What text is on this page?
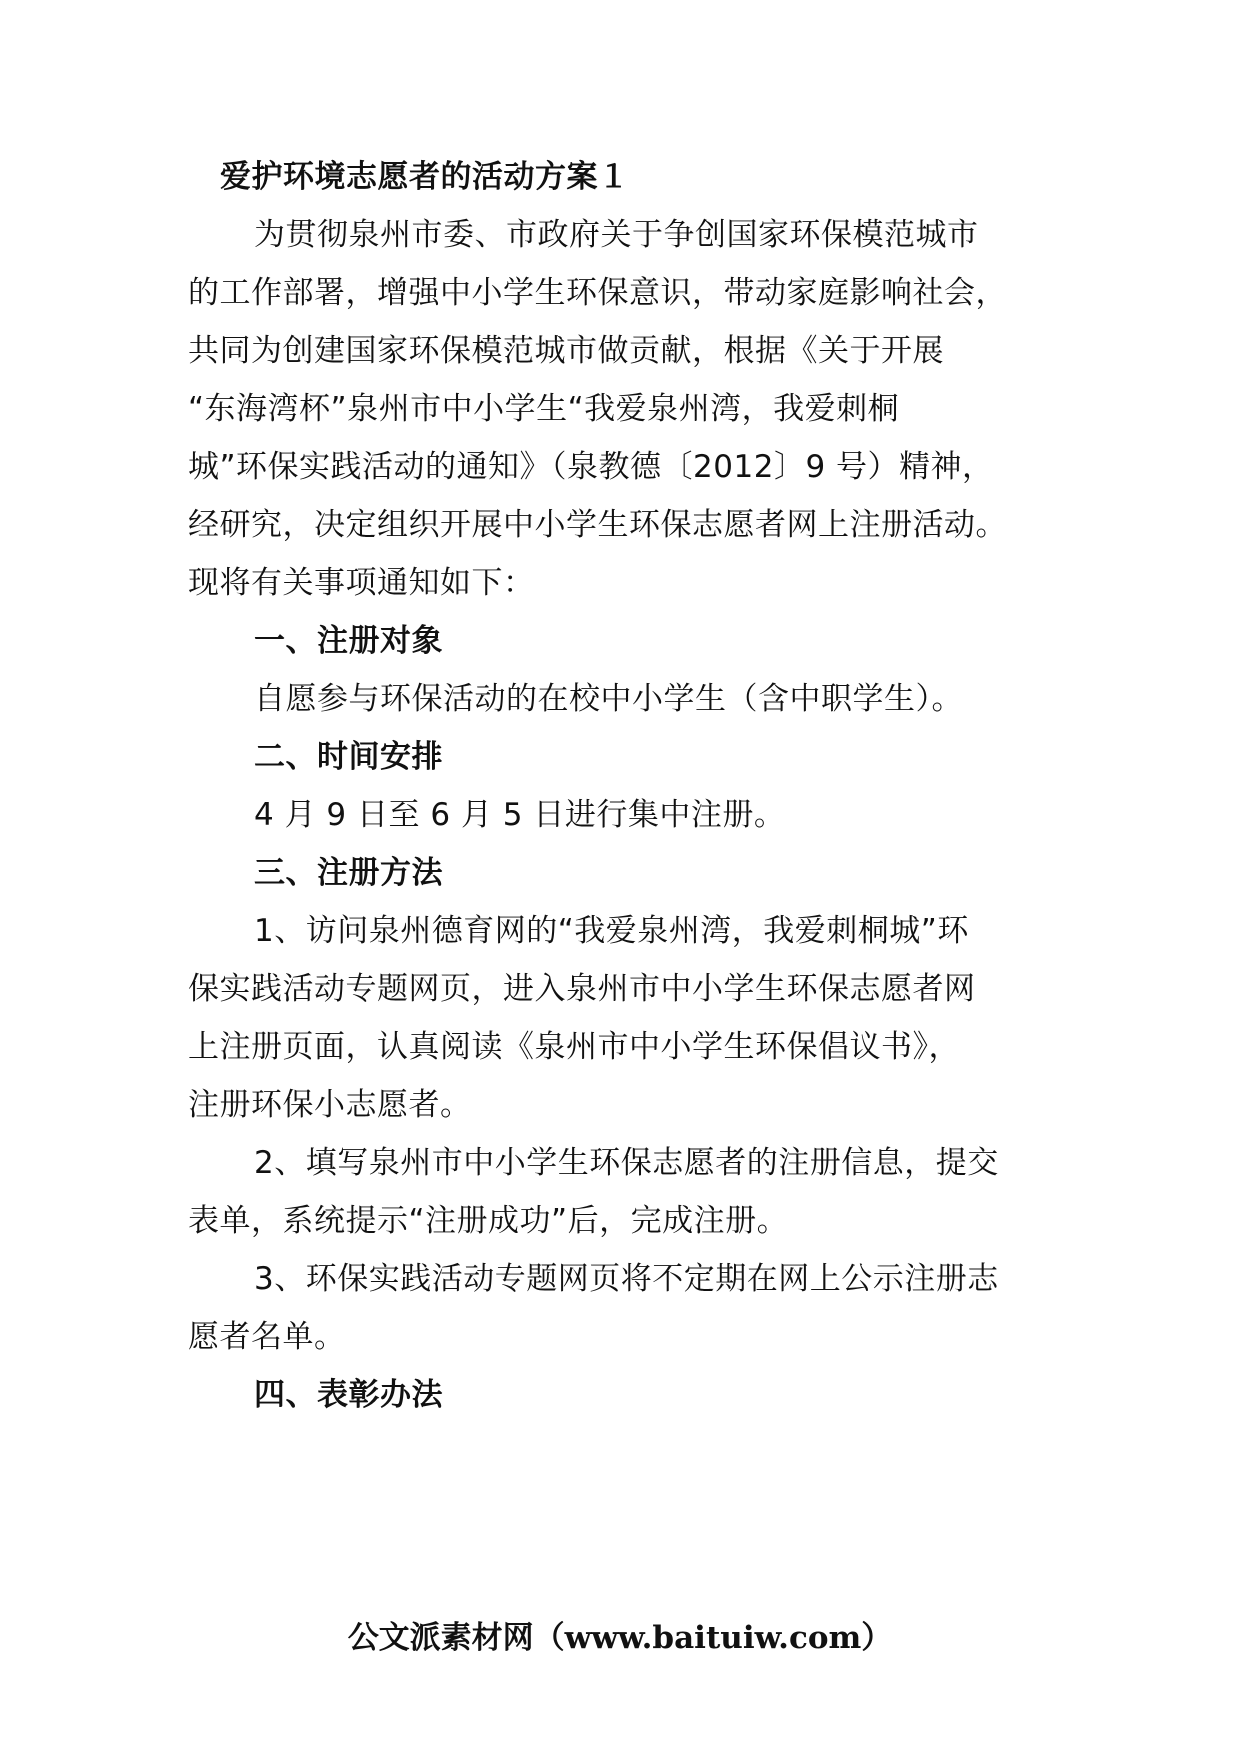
爱护环境志愿者的活动方案１
为贯彻泉州市委、市政府关于争创国家环保模范城市
的工作部署，增强中小学生环保意识，带动家庭影响社会，
共同为创建国家环保模范城市做贡献，根据《关于开展
“东海湾杯”泉州市中小学生“我爱泉州湾，我爱刺桐
城”环保实践活动的通知》（泉教德〔2012〕9 号）精神，
经研究，决定组织开展中小学生环保志愿者网上注册活动。
现将有关事项通知如下：
一、注册对象
自愿参与环保活动的在校中小学生（含中职学生）。
二、时间安排
4 月 9 日至 6 月 5 日进行集中注册。
三、注册方法
1、访问泉州德育网的“我爱泉州湾，我爱刺桐城”环
保实践活动专题网页，进入泉州市中小学生环保志愿者网
上注册页面，认真阅读《泉州市中小学生环保倡议书》，
注册环保小志愿者。
2、填写泉州市中小学生环保志愿者的注册信息，提交
表单，系统提示“注册成功”后，完成注册。
3、环保实践活动专题网页将不定期在网上公示注册志
愿者名单。
四、表彰办法
公文派素材网（www.baituiw.com）
